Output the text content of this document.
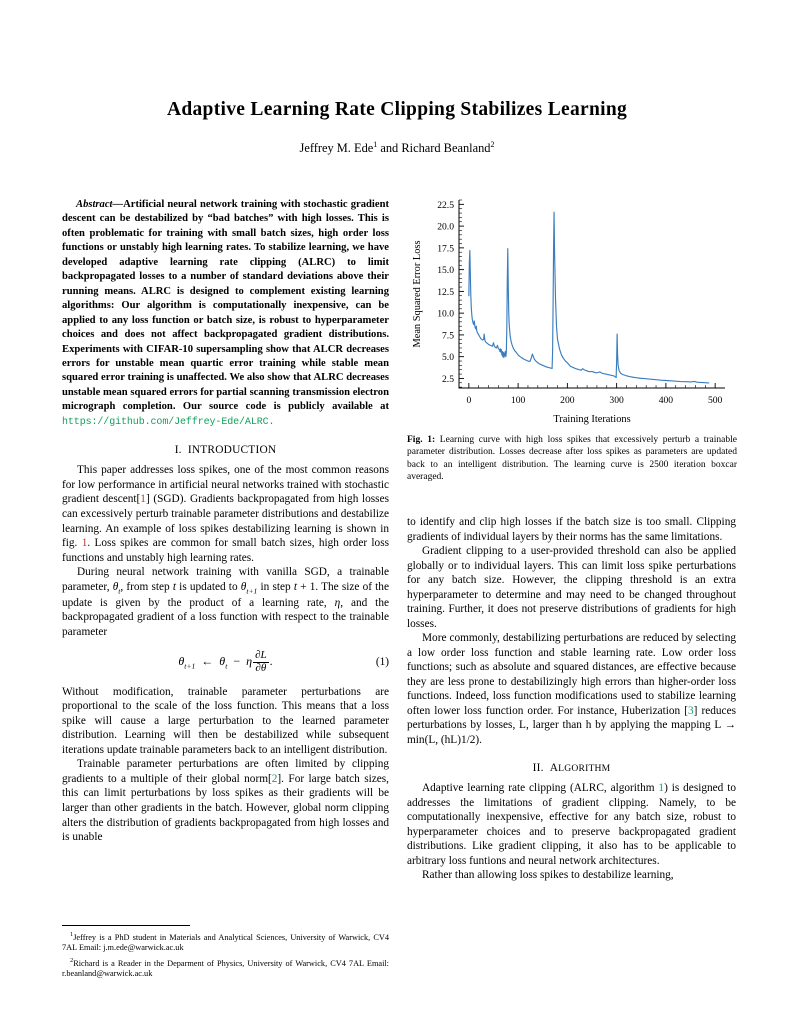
Adaptive Learning Rate Clipping Stabilizes Learning
Jeffrey M. Ede$^1$ and Richard Beanland$^2$
Abstract—Artificial neural network training with stochastic gradient descent can be destabilized by “bad batches” with high losses. This is often problematic for training with small batch sizes, high order loss functions or unstably high learning rates. To stabilize learning, we have developed adaptive learning rate clipping (ALRC) to limit backpropagated losses to a number of standard deviations above their running means. ALRC is designed to complement existing learning algorithms: Our algorithm is computationally inexpensive, can be applied to any loss function or batch size, is robust to hyperparameter choices and does not affect backpropagated gradient distributions. Experiments with CIFAR-10 supersampling show that ALCR decreases errors for unstable mean quartic error training while stable mean squared error training is unaffected. We also show that ALRC decreases unstable mean squared errors for partial scanning transmission electron micrograph completion. Our source code is publicly available at https://github.com/Jeffrey-Ede/ALRC.
I. INTRODUCTION

This paper addresses loss spikes, one of the most common reasons for low performance in artificial neural networks trained with stochastic gradient descent[1] (SGD). Gradients backpropagated from high losses can excessively perturb trainable parameter distributions and destabilize learning. An example of loss spikes destabilizing learning is shown in fig. 1. Loss spikes are common for small batch sizes, high order loss functions and unstably high learning rates.

During neural network training with vanilla SGD, a trainable parameter, $\theta_t$, from step t is updated to $\theta_{t+1}$ in step t + 1. The size of the update is given by the product of a learning rate, η, and the backpropagated gradient of a loss function with respect to the trainable parameter

$\theta_{t+1}$  ←  $\theta_t - \eta \frac{\partial L}{\partial\theta}$ .	(1)

Without modification, trainable parameter perturbations are proportional to the scale of the loss function. This means that a loss spike will cause a large perturbation to the learned parameter distribution. Learning will then be destabilized while subsequent iterations update trainable parameters back to an intelligent distribution.

Trainable parameter perturbations are often limited by clipping gradients to a multiple of their global norm[2]. For large batch sizes, this can limit perturbations by loss spikes as their gradients will be larger than other gradients in the batch. However, global norm clipping alters the distribution of gradients backpropagated from high losses and is unable

to identify and clip high losses if the batch size is too small. Clipping gradients of individual layers by their norms has the same limitations.

Gradient clipping to a user-provided threshold can also be applied globally or to individual layers. This can limit loss spike perturbations for any batch size. However, the clipping threshold is an extra hyperparameter to determine and may need to be changed throughout training. Further, it does not preserve distributions of gradients for high losses.

More commonly, destabilizing perturbations are reduced by selecting a low order loss function and stable learning rate. Low order loss functions; such as absolute and squared distances, are effective because they are less prone to destabilizingly high errors than higher-order loss functions. Indeed, loss function modifications used to stabilize learning often lower loss function order. For instance, Huberization [3] reduces perturbations by losses, L, larger than h by applying the mapping L → min(L, (hL)1/2).

II. ALGORITHM

Adaptive learning rate clipping (ALRC, algorithm 1) is designed to addresses the limitations of gradient clipping. Namely, to be computationally inexpensive, effective for any batch size, robust to hyperparameter choices and to preserve backpropagated gradient distributions. Like gradient clipping, it also has to be applicable to arbitrary loss funtions and neural network architectures.

Rather than allowing loss spikes to destabilize learning,

2.5
5.0
7.5
10.0
12.5
15.0
17.5
20.0
22.5
0	100	200	300	400	500
Mean Squared Error Loss
Training Iterations
Fig. 1: Learning curve with high loss spikes that excessively perturb a trainable parameter distribution. Losses decrease after loss spikes as parameters are updated back to an intelligent distribution. The learning curve is 2500 iteration boxcar averaged.

$^1$Jeffrey is a PhD student in Materials and Analytical Sciences, University of Warwick, CV4 7AL Email: j.m.ede@warwick.ac.uk

$^2$Richard is a Reader in the Deparment of Physics, University of Warwick, CV4 7AL Email: r.beanland@warwick.ac.uk
